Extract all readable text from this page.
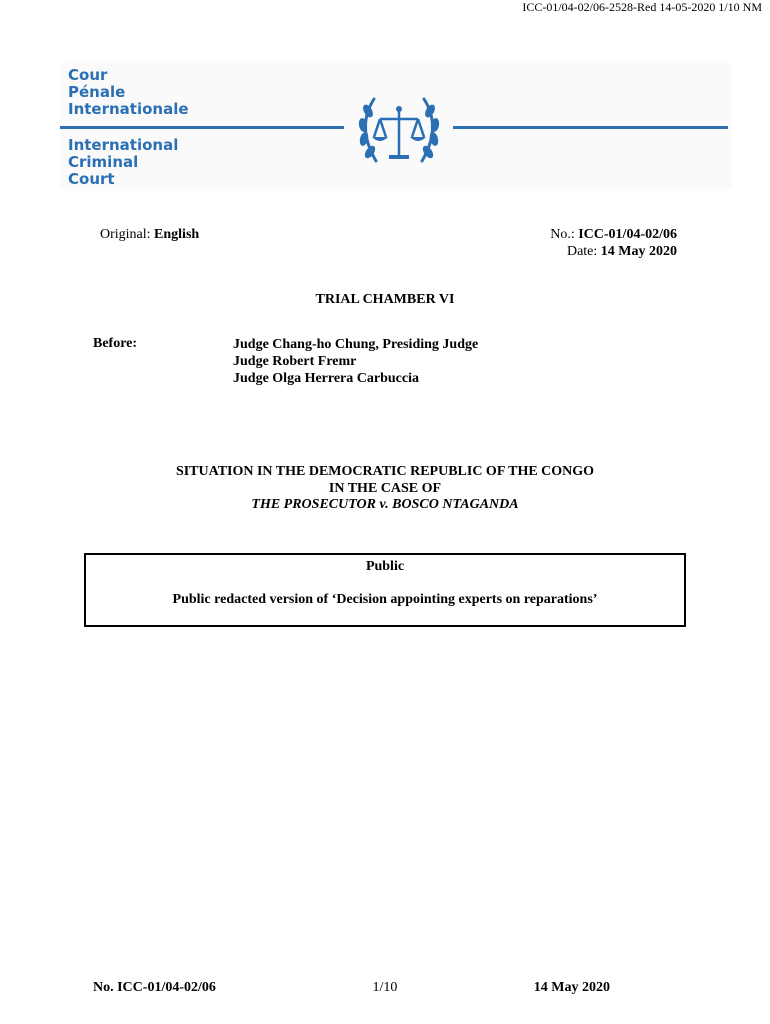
ICC-01/04-02/06-2528-Red 14-05-2020 1/10 NM
Cour
Pénale
Internationale
International
Criminal
Court
Original: English	No.: ICC-01/04-02/06
Date: 14 May 2020
TRIAL CHAMBER VI
Before:	Judge Chang-ho Chung, Presiding Judge
Judge Robert Fremr
Judge Olga Herrera Carbuccia
SITUATION IN THE DEMOCRATIC REPUBLIC OF THE CONGO
IN THE CASE OF
THE PROSECUTOR v. BOSCO NTAGANDA
Public
Public redacted version of ‘Decision appointing experts on reparations’
No. ICC-01/04-02/06	1/10	14 May 2020
